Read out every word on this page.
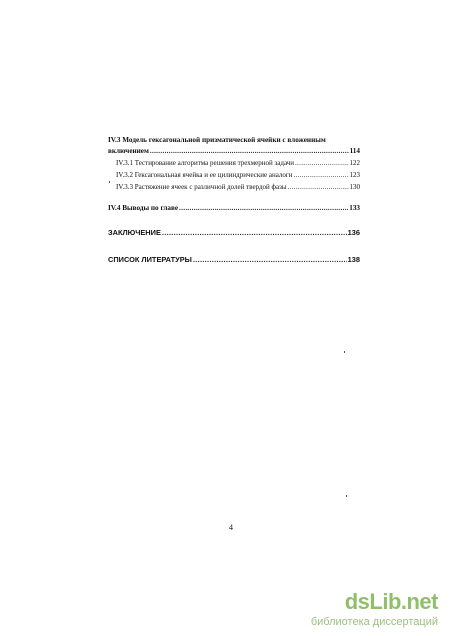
IV.3 Модель гексагональной призматической ячейки с вложенным
включением .....	114
IV.3.1 Тестирование алгоритма решения трехмерной задачи .....	122
IV.3.2 Гексагональная ячейка и ее цилиндрические аналоги .....	123
IV.3.3 Растяжение ячеек с различной долей твердой фазы .....	130
IV.4 Выводы по главе .....	133
ЗАКЛЮЧЕНИЕ .....	136
СПИСОК ЛИТЕРАТУРЫ .....	138
4
dsLib.net
библиотека диссертаций
